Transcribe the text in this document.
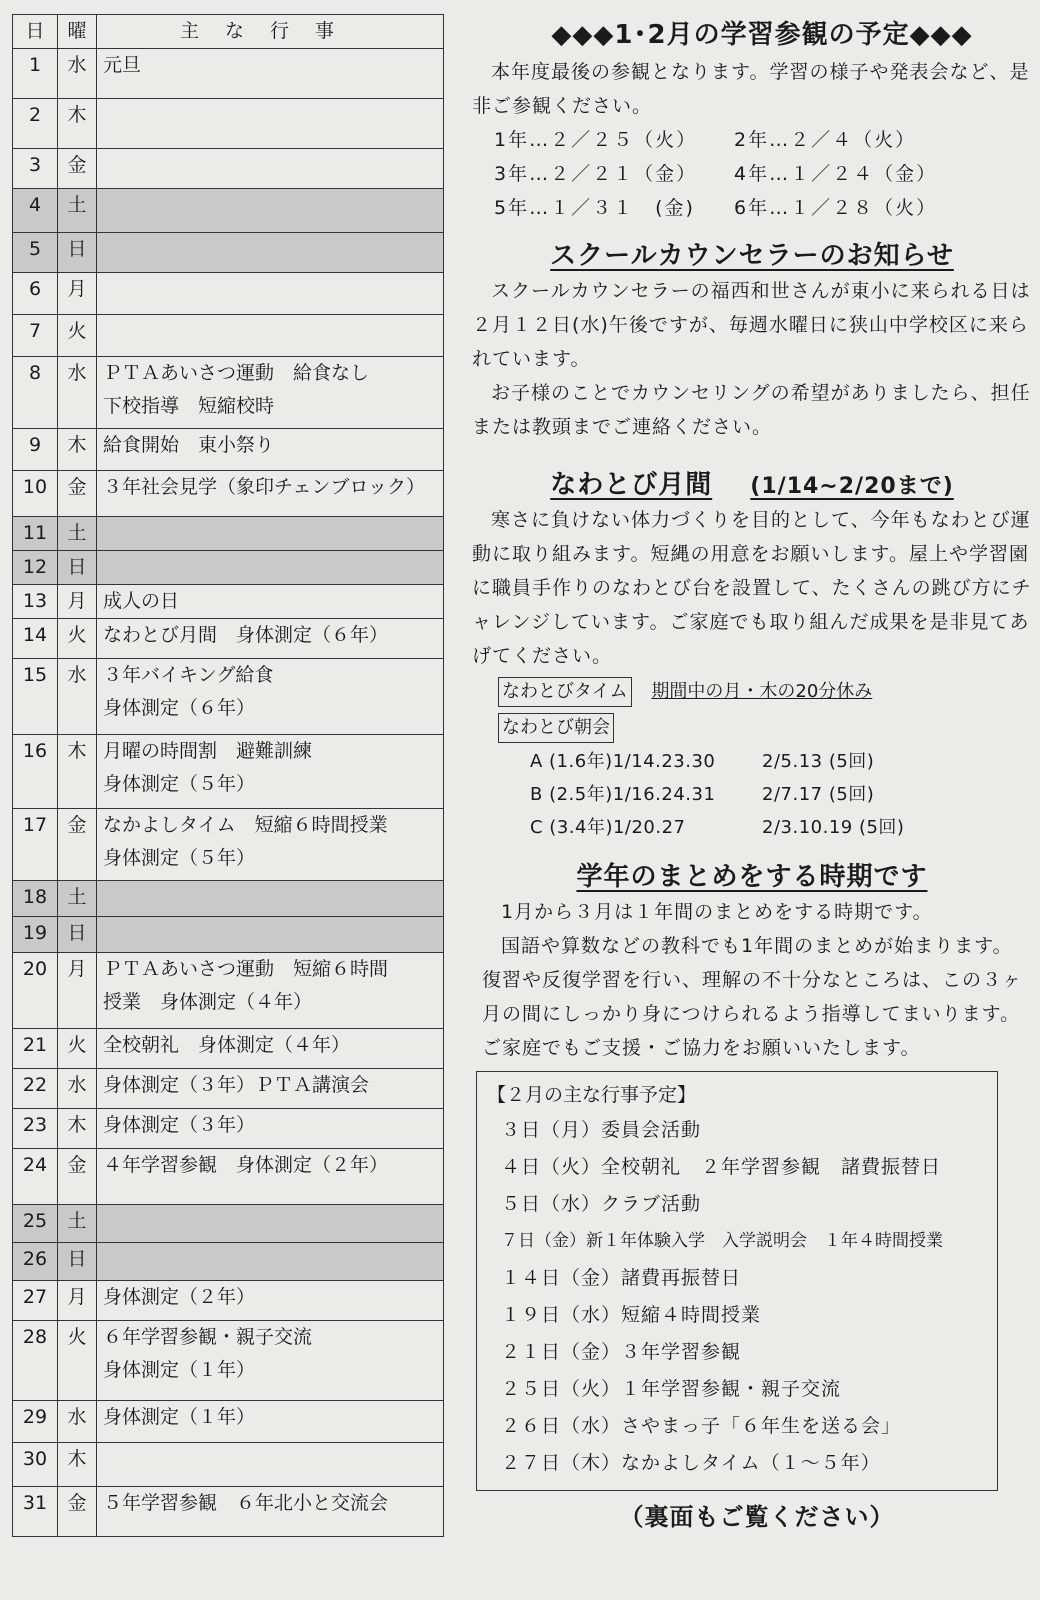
日	曜	主な行事
1	水	元旦
2	木	
3	金	
4	土	
5	日	
6	月	
7	火	
8	水	ＰＴＡあいさつ運動　給食なし
下校指導　短縮校時
9	木	給食開始　東小祭り
10	金	３年社会見学（象印チェンブロック）
11	土	
12	日	
13	月	成人の日
14	火	なわとび月間　身体測定（６年）
15	水	３年バイキング給食
身体測定（６年）
16	木	月曜の時間割　避難訓練
身体測定（５年）
17	金	なかよしタイム　短縮６時間授業
身体測定（５年）
18	土	
19	日	
20	月	ＰＴＡあいさつ運動　短縮６時間
授業　身体測定（４年）
21	火	全校朝礼　身体測定（４年）
22	水	身体測定（３年）ＰＴＡ講演会
23	木	身体測定（３年）
24	金	４年学習参観　身体測定（２年）
25	土	
26	日	
27	月	身体測定（２年）
28	火	６年学習参観・親子交流
身体測定（１年）
29	水	身体測定（１年）
30	木	
31	金	５年学習参観　６年北小と交流会
◆◆◆1･2月の学習参観の予定◆◆◆

本年度最後の参観となります。学習の様子や発表会など、是非ご参観ください。

1年…２／２５（火） 2年…２／４（火）
3年…２／２１（金） 4年…１／２４（金）
5年…１／３１　(金) 6年…１／２８（火）
スクールカウンセラーのお知らせ

スクールカウンセラーの福西和世さんが東小に来られる日は２月１２日(水)午後ですが、毎週水曜日に狭山中学校区に来られています。

お子様のことでカウンセリングの希望がありましたら、担任または教頭までご連絡ください。

なわとび月間 (1/14~2/20まで)

寒さに負けない体力づくりを目的として、今年もなわとび運動に取り組みます。短縄の用意をお願いします。屋上や学習園に職員手作りのなわとび台を設置して、たくさんの跳び方にチャレンジしています。ご家庭でも取り組んだ成果を是非見てあげてください。

なわとびタイム 期間中の月・木の20分休み
なわとび朝会
A (1.6年)1/14.23.30	2/5.13 (5回)
B (2.5年)1/16.24.31	2/7.17 (5回)
C (3.4年)1/20.27	2/3.10.19 (5回)
学年のまとめをする時期です

1月から３月は１年間のまとめをする時期です。

国語や算数などの教科でも1年間のまとめが始まります。復習や反復学習を行い、理解の不十分なところは、この３ヶ月の間にしっかり身につけられるよう指導してまいります。ご家庭でもご支援・ご協力をお願いいたします。

【２月の主な行事予定】
３日（月）委員会活動
４日（火）全校朝礼　２年学習参観　諸費振替日
５日（水）クラブ活動
７日（金）新１年体験入学　入学説明会　１年４時間授業
１４日（金）諸費再振替日
１９日（水）短縮４時間授業
２１日（金）３年学習参観
２５日（火）１年学習参観・親子交流
２６日（水）さやまっ子「６年生を送る会」
２７日（木）なかよしタイム（１～５年）
（裏面もご覧ください）
